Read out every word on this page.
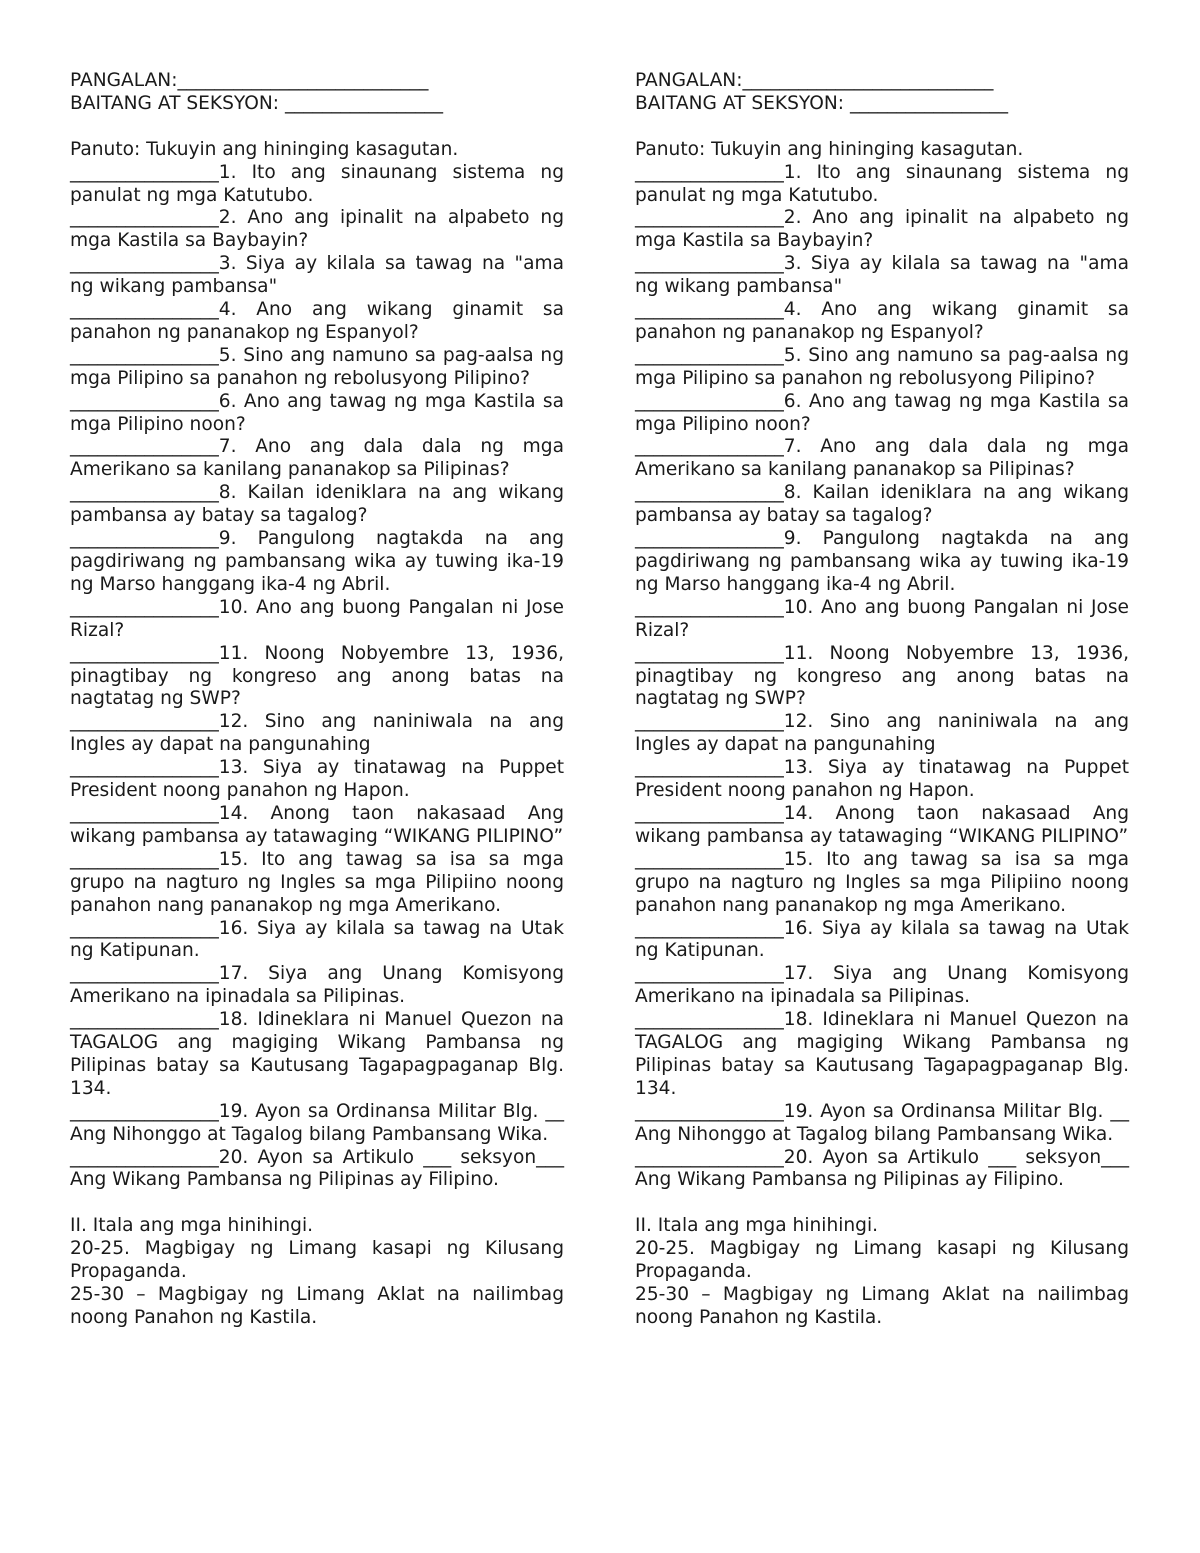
PANGALAN:___________________________
BAITANG AT SEKSYON: _________________
Panuto: Tukuyin ang hininging kasagutan.
________________1. Ito ang sinaunang sistema ng panulat ng mga Katutubo.
________________2. Ano ang ipinalit na alpabeto ng mga Kastila sa Baybayin?
________________3. Siya ay kilala sa tawag na "ama ng wikang pambansa"
________________4. Ano ang wikang ginamit sa panahon ng pananakop ng Espanyol?
________________5. Sino ang namuno sa pag-aalsa ng mga Pilipino sa panahon ng rebolusyong Pilipino?
________________6. Ano ang tawag ng mga Kastila sa mga Pilipino noon?
________________7. Ano ang dala dala ng mga Amerikano sa kanilang pananakop sa Pilipinas?
________________8. Kailan ideniklara na ang wikang pambansa ay batay sa tagalog?
________________9. Pangulong nagtakda na ang pagdiriwang ng pambansang wika ay tuwing ika-19 ng Marso hanggang ika-4 ng Abril.
________________10. Ano ang buong Pangalan ni Jose Rizal?
________________11. Noong Nobyembre 13, 1936, pinagtibay ng kongreso ang anong batas na nagtatag ng SWP?
________________12. Sino ang naniniwala na ang Ingles ay dapat na pangunahing
________________13. Siya ay tinatawag na Puppet President noong panahon ng Hapon.
________________14. Anong taon nakasaad Ang wikang pambansa ay tatawaging “WIKANG PILIPINO”
________________15. Ito ang tawag sa isa sa mga grupo na nagturo ng Ingles sa mga Pilipiino noong panahon nang pananakop ng mga Amerikano.
________________16. Siya ay kilala sa tawag na Utak ng Katipunan.
________________17. Siya ang Unang Komisyong Amerikano na ipinadala sa Pilipinas.
________________18. Idineklara ni Manuel Quezon na TAGALOG ang magiging Wikang Pambansa ng Pilipinas batay sa Kautusang Tagapagpaganap Blg. 134.
________________19. Ayon sa Ordinansa Militar Blg. __ Ang Nihonggo at Tagalog bilang Pambansang Wika.
________________20. Ayon sa Artikulo ___ seksyon___ Ang Wikang Pambansa ng Pilipinas ay Filipino.

II. Itala ang mga hinihingi.

20-25. Magbigay ng Limang kasapi ng Kilusang Propaganda.

25-30 – Magbigay ng Limang Aklat na nailimbag noong Panahon ng Kastila.

PANGALAN:___________________________
BAITANG AT SEKSYON: _________________
Panuto: Tukuyin ang hininging kasagutan.
________________1. Ito ang sinaunang sistema ng panulat ng mga Katutubo.
________________2. Ano ang ipinalit na alpabeto ng mga Kastila sa Baybayin?
________________3. Siya ay kilala sa tawag na "ama ng wikang pambansa"
________________4. Ano ang wikang ginamit sa panahon ng pananakop ng Espanyol?
________________5. Sino ang namuno sa pag-aalsa ng mga Pilipino sa panahon ng rebolusyong Pilipino?
________________6. Ano ang tawag ng mga Kastila sa mga Pilipino noon?
________________7. Ano ang dala dala ng mga Amerikano sa kanilang pananakop sa Pilipinas?
________________8. Kailan ideniklara na ang wikang pambansa ay batay sa tagalog?
________________9. Pangulong nagtakda na ang pagdiriwang ng pambansang wika ay tuwing ika-19 ng Marso hanggang ika-4 ng Abril.
________________10. Ano ang buong Pangalan ni Jose Rizal?
________________11. Noong Nobyembre 13, 1936, pinagtibay ng kongreso ang anong batas na nagtatag ng SWP?
________________12. Sino ang naniniwala na ang Ingles ay dapat na pangunahing
________________13. Siya ay tinatawag na Puppet President noong panahon ng Hapon.
________________14. Anong taon nakasaad Ang wikang pambansa ay tatawaging “WIKANG PILIPINO”
________________15. Ito ang tawag sa isa sa mga grupo na nagturo ng Ingles sa mga Pilipiino noong panahon nang pananakop ng mga Amerikano.
________________16. Siya ay kilala sa tawag na Utak ng Katipunan.
________________17. Siya ang Unang Komisyong Amerikano na ipinadala sa Pilipinas.
________________18. Idineklara ni Manuel Quezon na TAGALOG ang magiging Wikang Pambansa ng Pilipinas batay sa Kautusang Tagapagpaganap Blg. 134.
________________19. Ayon sa Ordinansa Militar Blg. __ Ang Nihonggo at Tagalog bilang Pambansang Wika.
________________20. Ayon sa Artikulo ___ seksyon___ Ang Wikang Pambansa ng Pilipinas ay Filipino.

II. Itala ang mga hinihingi.

20-25. Magbigay ng Limang kasapi ng Kilusang Propaganda.

25-30 – Magbigay ng Limang Aklat na nailimbag noong Panahon ng Kastila.
